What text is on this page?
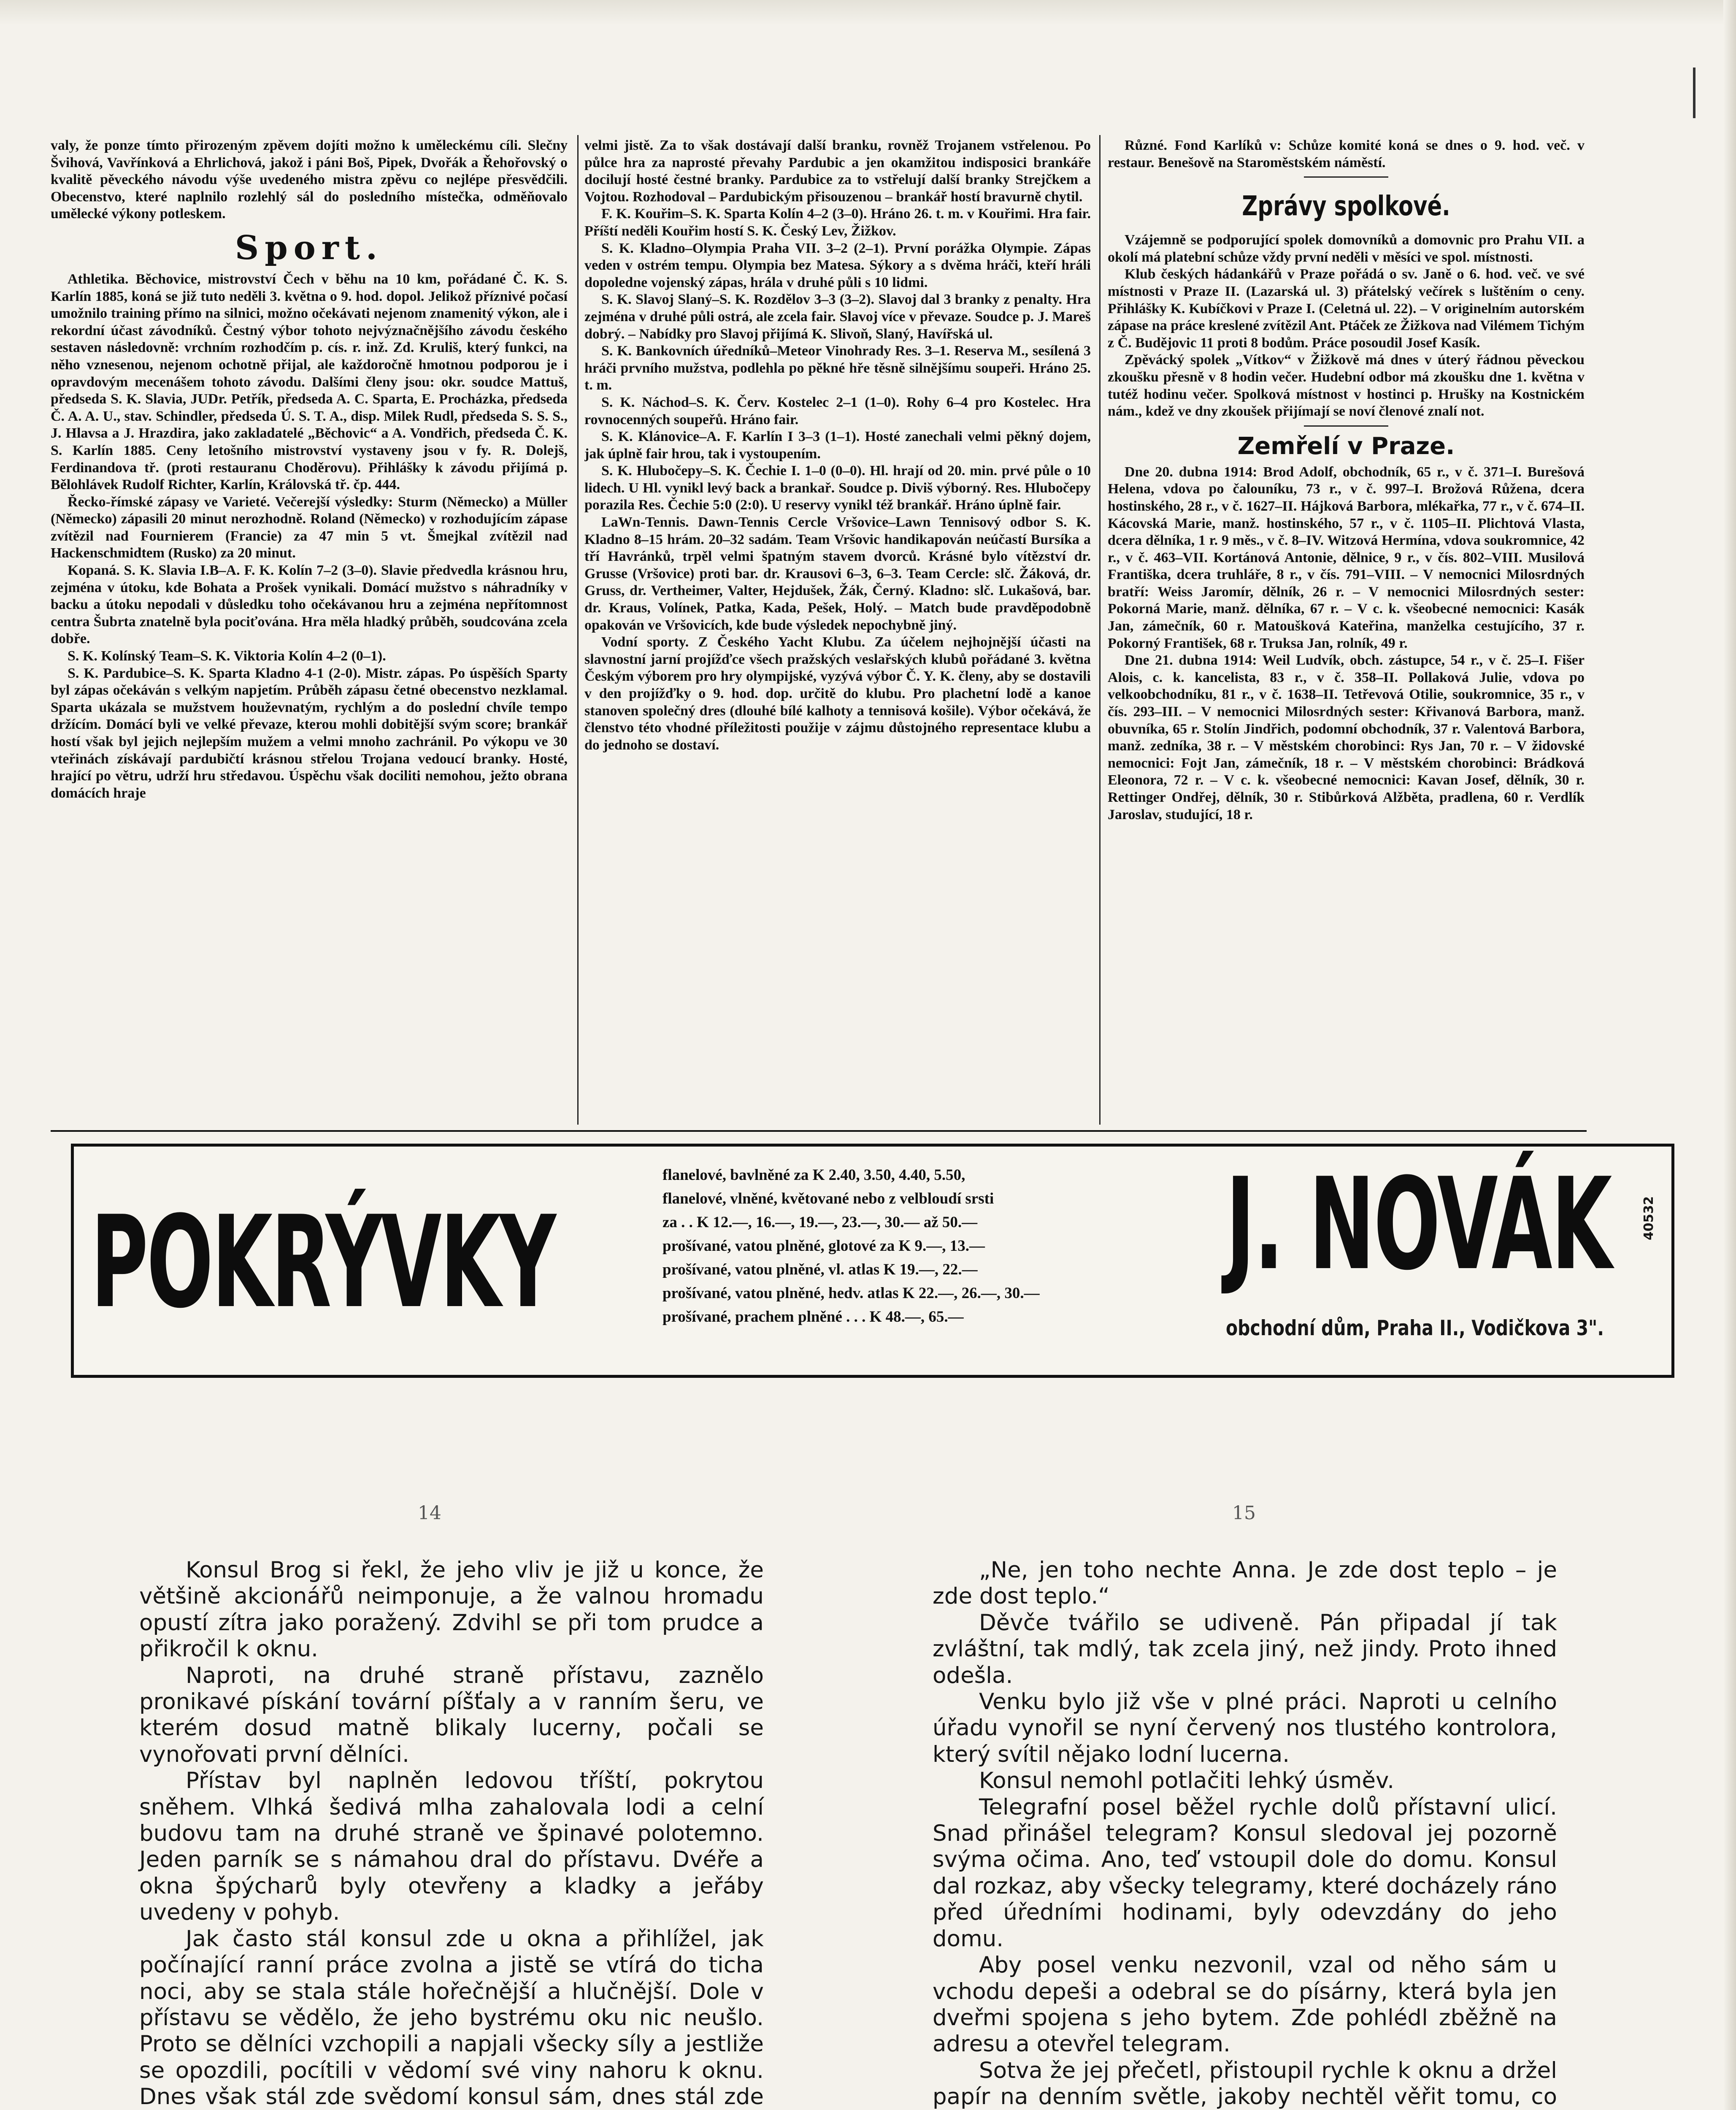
valy, že ponze tímto přirozeným zpěvem dojíti možno k uměleckému cíli. Slečny Švihová, Vavřínková a Ehrlichová, jakož i páni Boš, Pipek, Dvořák a Řehořovský o kvalitě pěveckého návodu výše uvedeného mistra zpěvu co nejlépe přesvědčili. Obecenstvo, které naplnilo rozlehlý sál do posledního místečka, odměňovalo umělecké výkony potleskem.

Sport.

Athletika. Běchovice, mistrovství Čech v běhu na 10 km, pořádané Č. K. S. Karlín 1885, koná se již tuto neděli 3. května o 9. hod. dopol. Jelikož příznivé počasí umožnilo training přímo na silnici, možno očekávati nejenom znamenitý výkon, ale i rekordní účast závodníků. Čestný výbor tohoto nejvýznačnějšího závodu českého sestaven následovně: vrchním rozhodčím p. cís. r. inž. Zd. Kruliš, který funkci, na něho vznesenou, nejenom ochotně přijal, ale každoročně hmotnou podporou je i opravdovým mecenášem tohoto závodu. Dalšími členy jsou: okr. soudce Mattuš, předseda S. K. Slavia, JUDr. Petřík, předseda A. C. Sparta, E. Procházka, předseda Č. A. A. U., stav. Schindler, předseda Ú. S. T. A., disp. Milek Rudl, předseda S. S. S., J. Hlavsa a J. Hrazdira, jako zakladatelé „Běchovic“ a A. Vondřich, předseda Č. K. S. Karlín 1885. Ceny letošního mistrovství vystaveny jsou v fy. R. Dolejš, Ferdinandova tř. (proti restauranu Choděrovu). Přihlášky k závodu přijímá p. Bělohlávek Rudolf Richter, Karlín, Královská tř. čp. 444.

Řecko-římské zápasy ve Varieté. Večerejší výsledky: Sturm (Německo) a Müller (Německo) zápasili 20 minut nerozhodně. Roland (Německo) v rozhodujícím zápase zvítězil nad Fournierem (Francie) za 47 min 5 vt. Šmejkal zvítězil nad Hackenschmidtem (Rusko) za 20 minut.

Kopaná. S. K. Slavia I.B–A. F. K. Kolín 7–2 (3–0). Slavie předvedla krásnou hru, zejména v útoku, kde Bohata a Prošek vynikali. Domácí mužstvo s náhradníky v backu a útoku nepodali v důsledku toho očekávanou hru a zejména nepřítomnost centra Šubrta znatelně byla pociťována. Hra měla hladký průběh, soudcována zcela dobře.

S. K. Kolínský Team–S. K. Viktoria Kolín 4–2 (0–1).

S. K. Pardubice–S. K. Sparta Kladno 4-1 (2-0). Mistr. zápas. Po úspěších Sparty byl zápas očekáván s velkým napjetím. Průběh zápasu četné obecenstvo nezklamal. Sparta ukázala se mužstvem houževnatým, rychlým a do poslední chvíle tempo držícím. Domácí byli ve velké převaze, kterou mohli dobitější svým score; brankář hostí však byl jejich nejlepším mužem a velmi mnoho zachránil. Po výkopu ve 30 vteřinách získávají pardubičtí krásnou střelou Trojana vedoucí branky. Hosté, hrající po větru, udrží hru středavou. Úspěchu však dociliti nemohou, ježto obrana domácích hraje

velmi jistě. Za to však dostávají další branku, rovněž Trojanem vstřelenou. Po půlce hra za naprosté převahy Pardubic a jen okamžitou indisposici brankáře docilují hosté čestné branky. Pardubice za to vstřelují další branky Strejčkem a Vojtou. Rozhodoval – Pardubickým přisouzenou – brankář hostí bravurně chytil.

F. K. Kouřim–S. K. Sparta Kolín 4–2 (3–0). Hráno 26. t. m. v Kouřimi. Hra fair. Příští neděli Kouřim hostí S. K. Český Lev, Žižkov.

S. K. Kladno–Olympia Praha VII. 3–2 (2–1). První porážka Olympie. Zápas veden v ostrém tempu. Olympia bez Matesa. Sýkory a s dvěma hráči, kteří hráli dopoledne vojenský zápas, hrála v druhé půli s 10 lidmi.

S. K. Slavoj Slaný–S. K. Rozdělov 3–3 (3–2). Slavoj dal 3 branky z penalty. Hra zejména v druhé půli ostrá, ale zcela fair. Slavoj více v převaze. Soudce p. J. Mareš dobrý. – Nabídky pro Slavoj přijímá K. Slivoň, Slaný, Havířská ul.

S. K. Bankovních úředníků–Meteor Vinohrady Res. 3–1. Reserva M., sesílená 3 hráči prvního mužstva, podlehla po pěkné hře těsně silnějšímu soupeři. Hráno 25. t. m.

S. K. Náchod–S. K. Červ. Kostelec 2–1 (1–0). Rohy 6–4 pro Kostelec. Hra rovnocenných soupeřů. Hráno fair.

S. K. Klánovice–A. F. Karlín I 3–3 (1–1). Hosté zanechali velmi pěkný dojem, jak úplně fair hrou, tak i vystoupením.

S. K. Hlubočepy–S. K. Čechie I. 1–0 (0–0). Hl. hrají od 20. min. prvé půle o 10 lidech. U Hl. vynikl levý back a brankař. Soudce p. Diviš výborný. Res. Hlubočepy porazila Res. Čechie 5:0 (2:0). U reservy vynikl též brankář. Hráno úplně fair.

LaWn-Tennis. Dawn-Tennis Cercle Vršovice–Lawn Tennisový odbor S. K. Kladno 8–15 hrám. 20–32 sadám. Team Vršovic handikapován neúčastí Bursíka a tří Havránků, trpěl velmi špatným stavem dvorců. Krásné bylo vítězství dr. Grusse (Vršovice) proti bar. dr. Krausovi 6–3, 6–3. Team Cercle: slč. Žáková, dr. Gruss, dr. Vertheimer, Valter, Hejdušek, Žák, Černý. Kladno: slč. Lukašová, bar. dr. Kraus, Volínek, Patka, Kada, Pešek, Holý. – Match bude pravděpodobně opakován ve Vršovicích, kde bude výsledek nepochybně jiný.

Vodní sporty. Z Českého Yacht Klubu. Za účelem nejhojnější účasti na slavnostní jarní projížďce všech pražských veslařských klubů pořádané 3. května Českým výborem pro hry olympijské, vyzývá výbor Č. Y. K. členy, aby se dostavili v den projížďky o 9. hod. dop. určitě do klubu. Pro plachetní lodě a kanoe stanoven společný dres (dlouhé bílé kalhoty a tennisová košile). Výbor očekává, že členstvo této vhodné příležitosti použije v zájmu důstojného representace klubu a do jednoho se dostaví.

Různé. Fond Karlíků v: Schůze komité koná se dnes o 9. hod. več. v restaur. Benešově na Staroměstském náměstí.

Zprávy spolkové.

Vzájemně se podporující spolek domovníků a domovnic pro Prahu VII. a okolí má platební schůze vždy první neděli v měsíci ve spol. místnosti.

Klub českých hádankářů v Praze pořádá o sv. Janě o 6. hod. več. ve své místnosti v Praze II. (Lazarská ul. 3) přátelský večírek s luštěním o ceny. Přihlášky K. Kubíčkovi v Praze I. (Celetná ul. 22). – V originelním autorském zápase na práce kreslené zvítězil Ant. Ptáček ze Žižkova nad Vilémem Tichým z Č. Budějovic 11 proti 8 bodům. Práce posoudil Josef Kasík.

Zpěvácký spolek „Vítkov“ v Žižkově má dnes v úterý řádnou pěveckou zkoušku přesně v 8 hodin večer. Hudební odbor má zkoušku dne 1. května v tutéž hodinu večer. Spolková místnost v hostinci p. Hrušky na Kostnickém nám., kdež ve dny zkoušek přijímají se noví členové znalí not.

Zemřelí v Praze.

Dne 20. dubna 1914: Brod Adolf, obchodník, 65 r., v č. 371–I. Burešová Helena, vdova po čalouníku, 73 r., v č. 997–I. Brožová Růžena, dcera hostinského, 28 r., v č. 1627–II. Hájková Barbora, mlékařka, 77 r., v č. 674–II. Kácovská Marie, manž. hostinského, 57 r., v č. 1105–II. Plichtová Vlasta, dcera dělníka, 1 r. 9 měs., v č. 8–IV. Witzová Hermína, vdova soukromnice, 42 r., v č. 463–VII. Kortánová Antonie, dělnice, 9 r., v čís. 802–VIII. Musilová Františka, dcera truhláře, 8 r., v čís. 791–VIII. – V nemocnici Milosrdných bratří: Weiss Jaromír, dělník, 26 r. – V nemocnici Milosrdných sester: Pokorná Marie, manž. dělníka, 67 r. – V c. k. všeobecné nemocnici: Kasák Jan, zámečník, 60 r. Matoušková Kateřina, manželka cestujícího, 37 r. Pokorný František, 68 r. Truksa Jan, rolník, 49 r.

Dne 21. dubna 1914: Weil Ludvík, obch. zástupce, 54 r., v č. 25–I. Fišer Alois, c. k. kancelista, 83 r., v č. 358–II. Pollaková Julie, vdova po velkoobchodníku, 81 r., v č. 1638–II. Tetřevová Otilie, soukromnice, 35 r., v čís. 293–III. – V nemocnici Milosrdných sester: Křivanová Barbora, manž. obuvníka, 65 r. Stolín Jindřich, podomní obchodník, 37 r. Valentová Barbora, manž. zedníka, 38 r. – V městském chorobinci: Rys Jan, 70 r. – V židovské nemocnici: Fojt Jan, zámečník, 18 r. – V městském chorobinci: Brádková Eleonora, 72 r. – V c. k. všeobecné nemocnici: Kavan Josef, dělník, 30 r. Rettinger Ondřej, dělník, 30 r. Stibůrková Alžběta, pradlena, 60 r. Verdlík Jaroslav, studující, 18 r.

POKRÝVKY
flanelové, bavlněné za K 2.40, 3.50, 4.40, 5.50,
flanelové, vlněné, květované nebo z velbloudí srsti
za . . K 12.—, 16.—, 19.—, 23.—, 30.— až 50.—
prošívané, vatou plněné, glotové za K 9.—, 13.—
prošívané, vatou plněné, vl. atlas K 19.—, 22.—
prošívané, vatou plněné, hedv. atlas K 22.—, 26.—, 30.—
prošívané, prachem plněné . . . K 48.—, 65.—
J. NOVÁK
obchodní dům, Praha II., Vodičkova 3".
40532
14	15

Konsul Brog si řekl, že jeho vliv je již u konce, že většině akcionářů neimponuje, a že valnou hromadu opustí zítra jako poražený. Zdvihl se při tom prudce a přikročil k oknu.

Naproti, na druhé straně přístavu, zaznělo pronikavé pískání tovární píšťaly a v ranním šeru, ve kterém dosud matně blikaly lucerny, počali se vynořovati první dělníci.

Přístav byl naplněn ledovou tříští, pokrytou sněhem. Vlhká šedivá mlha zahalovala lodi a celní budovu tam na druhé straně ve špinavé polotemno. Jeden parník se s námahou dral do přístavu. Dvéře a okna špýcharů byly otevřeny a kladky a jeřáby uvedeny v pohyb.

Jak často stál konsul zde u okna a přihlížel, jak počínající ranní práce zvolna a jistě se vtírá do ticha noci, aby se stala stále hořečnější a hlučnější. Dole v přístavu se vědělo, že jeho bystrému oku nic neušlo. Proto se dělníci vzchopili a napjali všecky síly a jestliže se opozdili, pocítili v vědomí své viny nahoru k oknu. Dnes však stál zde svědomí konsul sám, dnes stál zde

„Ne, jen toho nechte Anna. Je zde dost teplo – je zde dost teplo.“

Děvče tvářilo se udiveně. Pán připadal jí tak zvláštní, tak mdlý, tak zcela jiný, než jindy. Proto ihned odešla.

Venku bylo již vše v plné práci. Naproti u celního úřadu vynořil se nyní červený nos tlustého kontrolora, který svítil nějako lodní lucerna.

Konsul nemohl potlačiti lehký úsměv.

Telegrafní posel běžel rychle dolů přístavní ulicí. Snad přinášel telegram? Konsul sledoval jej pozorně svýma očima. Ano, teď vstoupil dole do domu. Konsul dal rozkaz, aby všecky telegramy, které docházely ráno před úředními hodinami, byly odevzdány do jeho domu.

Aby posel venku nezvonil, vzal od něho sám u vchodu depeši a odebral se do písárny, která byla jen dveřmi spojena s jeho bytem. Zde pohlédl zběžně na adresu a otevřel telegram.

Sotva že jej přečetl, přistoupil rychle k oknu a držel papír na denním světle, jakoby nechtěl věřit tomu, co
